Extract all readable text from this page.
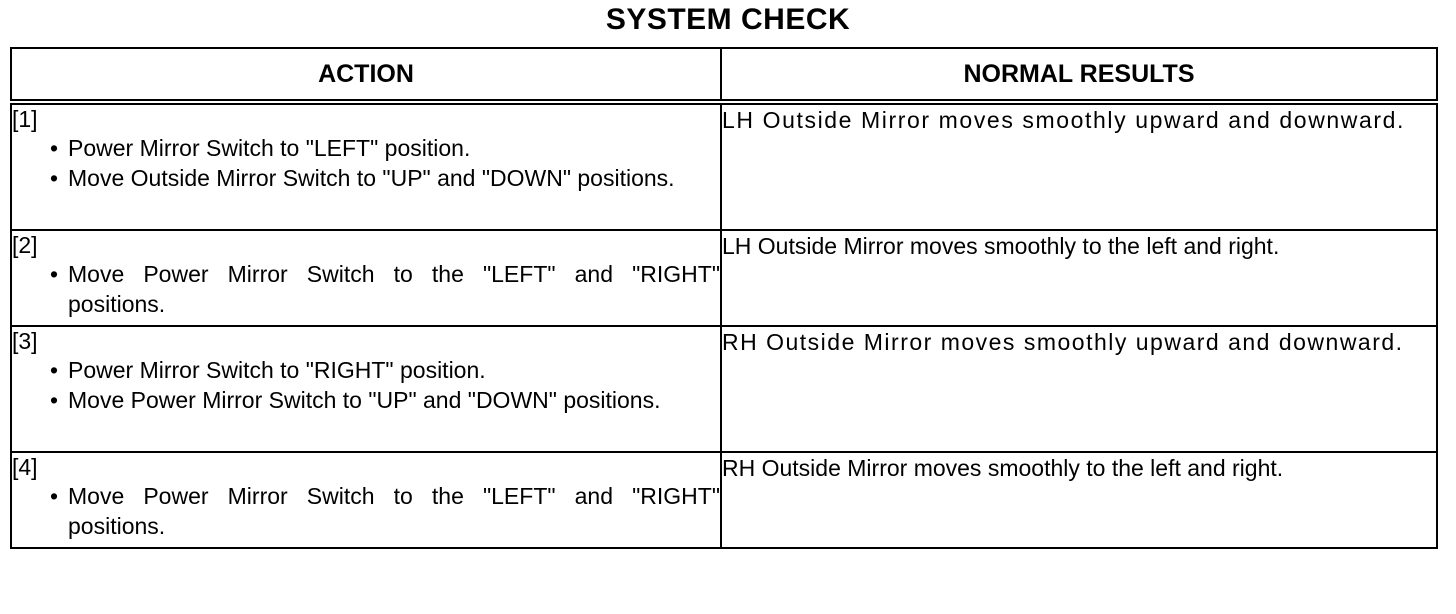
SYSTEM CHECK
ACTION	NORMAL RESULTS

[1]
• Power Mirror Switch to "LEFT" position.
• Move Outside Mirror Switch to "UP" and "DOWN" positions.	LH Outside Mirror moves smoothly upward and downward.

[2]
• Move Power Mirror Switch to the "LEFT" and "RIGHT" positions.	LH Outside Mirror moves smoothly to the left and right.

[3]
• Power Mirror Switch to "RIGHT" position.
• Move Power Mirror Switch to "UP" and "DOWN" positions.	RH Outside Mirror moves smoothly upward and downward.

[4]
• Move Power Mirror Switch to the "LEFT" and "RIGHT" positions.	RH Outside Mirror moves smoothly to the left and right.
